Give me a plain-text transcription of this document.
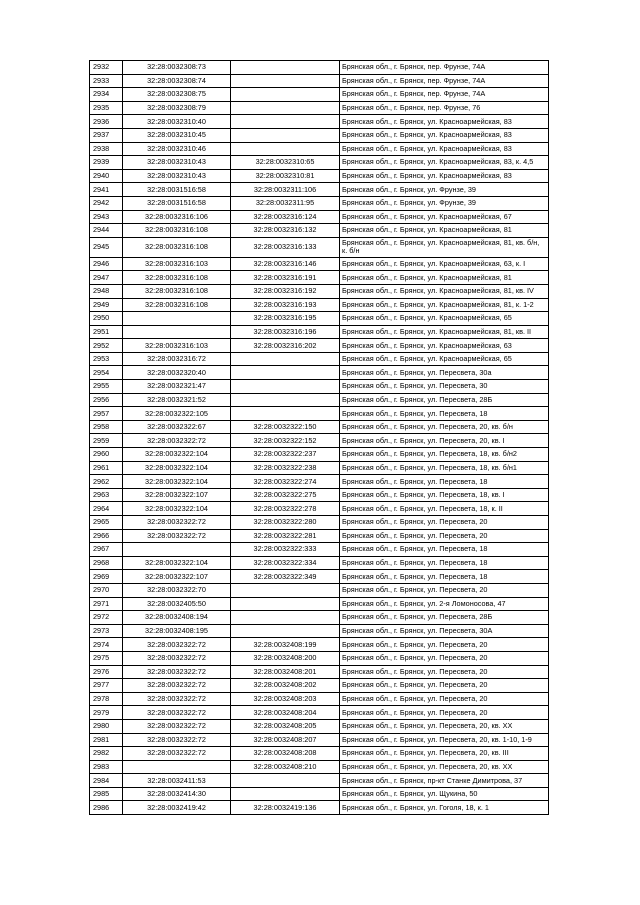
2932	32:28:0032308:73		Брянская обл., г. Брянск, пер. Фрунзе, 74А
2933	32:28:0032308:74		Брянская обл., г. Брянск, пер. Фрунзе, 74А
2934	32:28:0032308:75		Брянская обл., г. Брянск, пер. Фрунзе, 74А
2935	32:28:0032308:79		Брянская обл., г. Брянск, пер. Фрунзе, 76
2936	32:28:0032310:40		Брянская обл., г. Брянск, ул. Красноармейская, 83
2937	32:28:0032310:45		Брянская обл., г. Брянск, ул. Красноармейская, 83
2938	32:28:0032310:46		Брянская обл., г. Брянск, ул. Красноармейская, 83
2939	32:28:0032310:43	32:28:0032310:65	Брянская обл., г. Брянск, ул. Красноармейская, 83, к. 4,5
2940	32:28:0032310:43	32:28:0032310:81	Брянская обл., г. Брянск, ул. Красноармейская, 83
2941	32:28:0031516:58	32:28:0032311:106	Брянская обл., г. Брянск, ул. Фрунзе, 39
2942	32:28:0031516:58	32:28:0032311:95	Брянская обл., г. Брянск, ул. Фрунзе, 39
2943	32:28:0032316:106	32:28:0032316:124	Брянская обл., г. Брянск, ул. Красноармейская, 67
2944	32:28:0032316:108	32:28:0032316:132	Брянская обл., г. Брянск, ул. Красноармейская, 81
2945	32:28:0032316:108	32:28:0032316:133	Брянская обл., г. Брянск, ул. Красноармейская, 81, кв. б/н, к. б/н
2946	32:28:0032316:103	32:28:0032316:146	Брянская обл., г. Брянск, ул. Красноармейская, 63, к. I
2947	32:28:0032316:108	32:28:0032316:191	Брянская обл., г. Брянск, ул. Красноармейская, 81
2948	32:28:0032316:108	32:28:0032316:192	Брянская обл., г. Брянск, ул. Красноармейская, 81, кв. IV
2949	32:28:0032316:108	32:28:0032316:193	Брянская обл., г. Брянск, ул. Красноармейская, 81, к. 1-2
2950		32:28:0032316:195	Брянская обл., г. Брянск, ул. Красноармейская, 65
2951		32:28:0032316:196	Брянская обл., г. Брянск, ул. Красноармейская, 81, кв. II
2952	32:28:0032316:103	32:28:0032316:202	Брянская обл., г. Брянск, ул. Красноармейская, 63
2953	32:28:0032316:72		Брянская обл., г. Брянск, ул. Красноармейская, 65
2954	32:28:0032320:40		Брянская обл., г. Брянск, ул. Пересвета, 30а
2955	32:28:0032321:47		Брянская обл., г. Брянск, ул. Пересвета, 30
2956	32:28:0032321:52		Брянская обл., г. Брянск, ул. Пересвета, 28Б
2957	32:28:0032322:105		Брянская обл., г. Брянск, ул. Пересвета, 18
2958	32:28:0032322:67	32:28:0032322:150	Брянская обл., г. Брянск, ул. Пересвета, 20, кв. б/н
2959	32:28:0032322:72	32:28:0032322:152	Брянская обл., г. Брянск, ул. Пересвета, 20, кв. I
2960	32:28:0032322:104	32:28:0032322:237	Брянская обл., г. Брянск, ул. Пересвета, 18, кв. б/н2
2961	32:28:0032322:104	32:28:0032322:238	Брянская обл., г. Брянск, ул. Пересвета, 18, кв. б/н1
2962	32:28:0032322:104	32:28:0032322:274	Брянская обл., г. Брянск, ул. Пересвета, 18
2963	32:28:0032322:107	32:28:0032322:275	Брянская обл., г. Брянск, ул. Пересвета, 18, кв. I
2964	32:28:0032322:104	32:28:0032322:278	Брянская обл., г. Брянск, ул. Пересвета, 18, к. II
2965	32:28:0032322:72	32:28:0032322:280	Брянская обл., г. Брянск, ул. Пересвета, 20
2966	32:28:0032322:72	32:28:0032322:281	Брянская обл., г. Брянск, ул. Пересвета, 20
2967		32:28:0032322:333	Брянская обл., г. Брянск, ул. Пересвета, 18
2968	32:28:0032322:104	32:28:0032322:334	Брянская обл., г. Брянск, ул. Пересвета, 18
2969	32:28:0032322:107	32:28:0032322:349	Брянская обл., г. Брянск, ул. Пересвета, 18
2970	32:28:0032322:70		Брянская обл., г. Брянск, ул. Пересвета, 20
2971	32:28:0032405:50		Брянская обл., г. Брянск, ул. 2-я Ломоносова, 47
2972	32:28:0032408:194		Брянская обл., г. Брянск, ул. Пересвета, 28Б
2973	32:28:0032408:195		Брянская обл., г. Брянск, ул. Пересвета, 30А
2974	32:28:0032322:72	32:28:0032408:199	Брянская обл., г. Брянск, ул. Пересвета, 20
2975	32:28:0032322:72	32:28:0032408:200	Брянская обл., г. Брянск, ул. Пересвета, 20
2976	32:28:0032322:72	32:28:0032408:201	Брянская обл., г. Брянск, ул. Пересвета, 20
2977	32:28:0032322:72	32:28:0032408:202	Брянская обл., г. Брянск, ул. Пересвета, 20
2978	32:28:0032322:72	32:28:0032408:203	Брянская обл., г. Брянск, ул. Пересвета, 20
2979	32:28:0032322:72	32:28:0032408:204	Брянская обл., г. Брянск, ул. Пересвета, 20
2980	32:28:0032322:72	32:28:0032408:205	Брянская обл., г. Брянск, ул. Пересвета, 20, кв. XX
2981	32:28:0032322:72	32:28:0032408:207	Брянская обл., г. Брянск, ул. Пересвета, 20, кв. 1-10, 1-9
2982	32:28:0032322:72	32:28:0032408:208	Брянская обл., г. Брянск, ул. Пересвета, 20, кв. III
2983		32:28:0032408:210	Брянская обл., г. Брянск, ул. Пересвета, 20, кв. XX
2984	32:28:0032411:53		Брянская обл., г. Брянск, пр-кт Станке Димитрова, 37
2985	32:28:0032414:30		Брянская обл., г. Брянск, ул. Щукина, 50
2986	32:28:0032419:42	32:28:0032419:136	Брянская обл., г. Брянск, ул. Гоголя, 18, к. 1
